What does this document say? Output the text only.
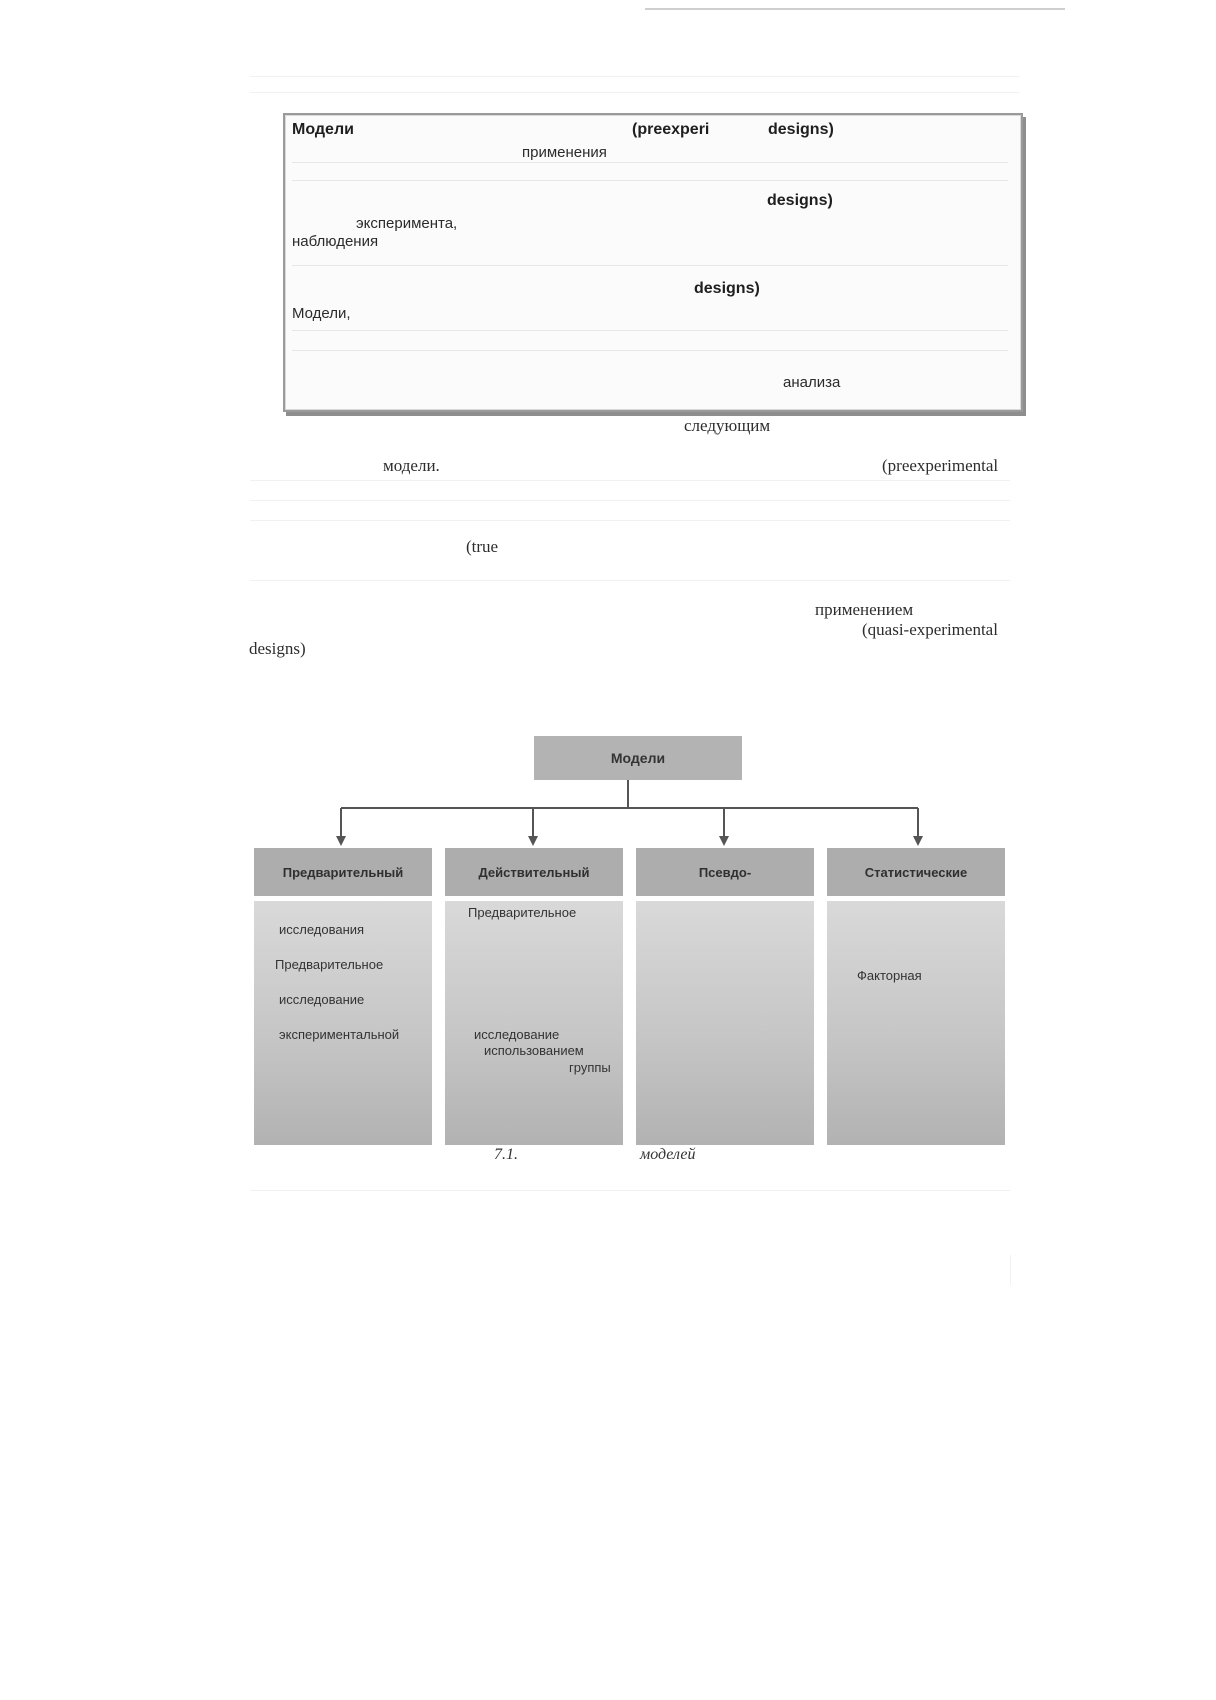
Модели	(preexperi	designs)
применения
designs)
эксперимента,
наблюдения
designs)
Модели,
анализа
следующим
модели.	(preexperimental
(true
применением
(quasi-experimental
designs)
Модели
Предварительный
исследования
Предварительное
исследование
экспериментальной
Действительный
Предварительное
исследование
использованием
группы
Псевдо-	Статистические
Факторная
7.1.	моделей
